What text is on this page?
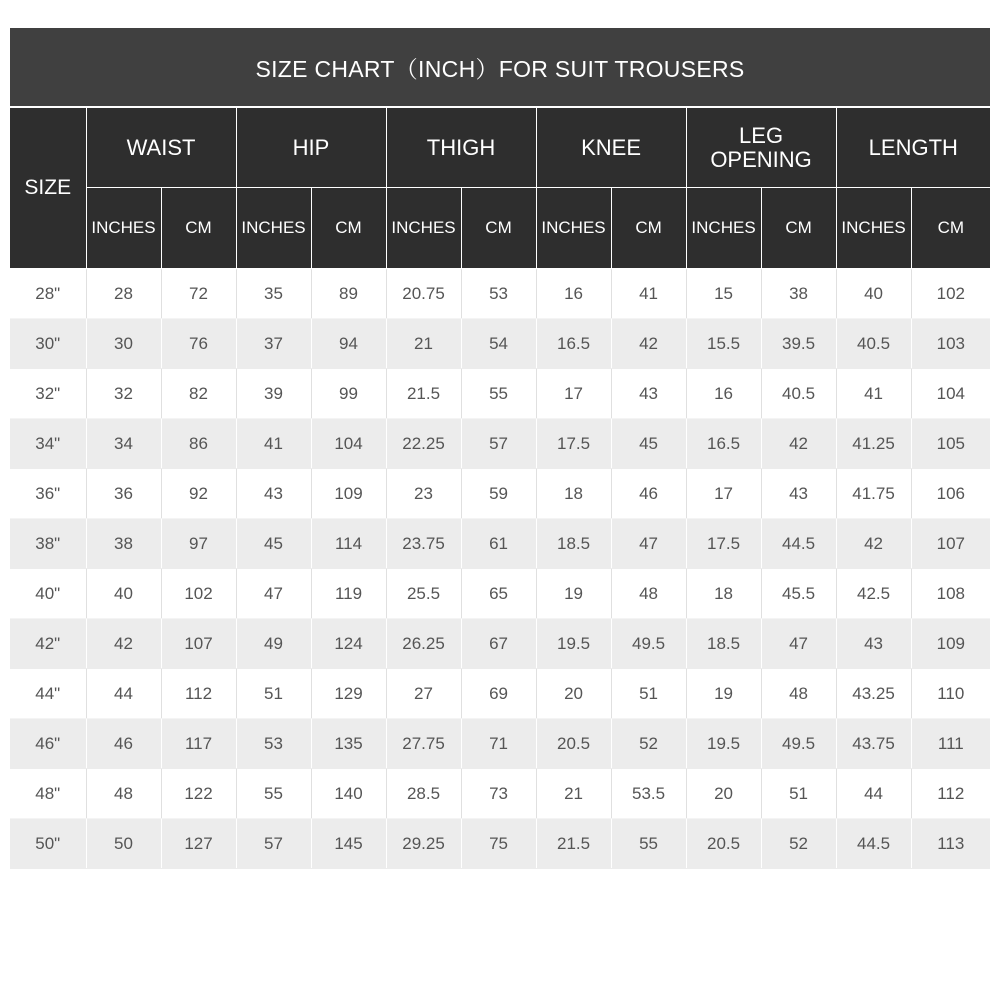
SIZE CHART（INCH）FOR SUIT TROUSERS
SIZE	WAIST		HIP		THIGH		KNEE		LEG OPENING		LENGTH	
	INCHES	CM	INCHES	CM	INCHES	CM	INCHES	CM	INCHES	CM	INCHES	CM
28"	28	72	35	89	20.75	53	16	41	15	38	40	102
30"	30	76	37	94	21	54	16.5	42	15.5	39.5	40.5	103
32"	32	82	39	99	21.5	55	17	43	16	40.5	41	104
34"	34	86	41	104	22.25	57	17.5	45	16.5	42	41.25	105
36"	36	92	43	109	23	59	18	46	17	43	41.75	106
38"	38	97	45	114	23.75	61	18.5	47	17.5	44.5	42	107
40"	40	102	47	119	25.5	65	19	48	18	45.5	42.5	108
42"	42	107	49	124	26.25	67	19.5	49.5	18.5	47	43	109
44"	44	112	51	129	27	69	20	51	19	48	43.25	110
46"	46	117	53	135	27.75	71	20.5	52	19.5	49.5	43.75	111
48"	48	122	55	140	28.5	73	21	53.5	20	51	44	112
50"	50	127	57	145	29.25	75	21.5	55	20.5	52	44.5	113
